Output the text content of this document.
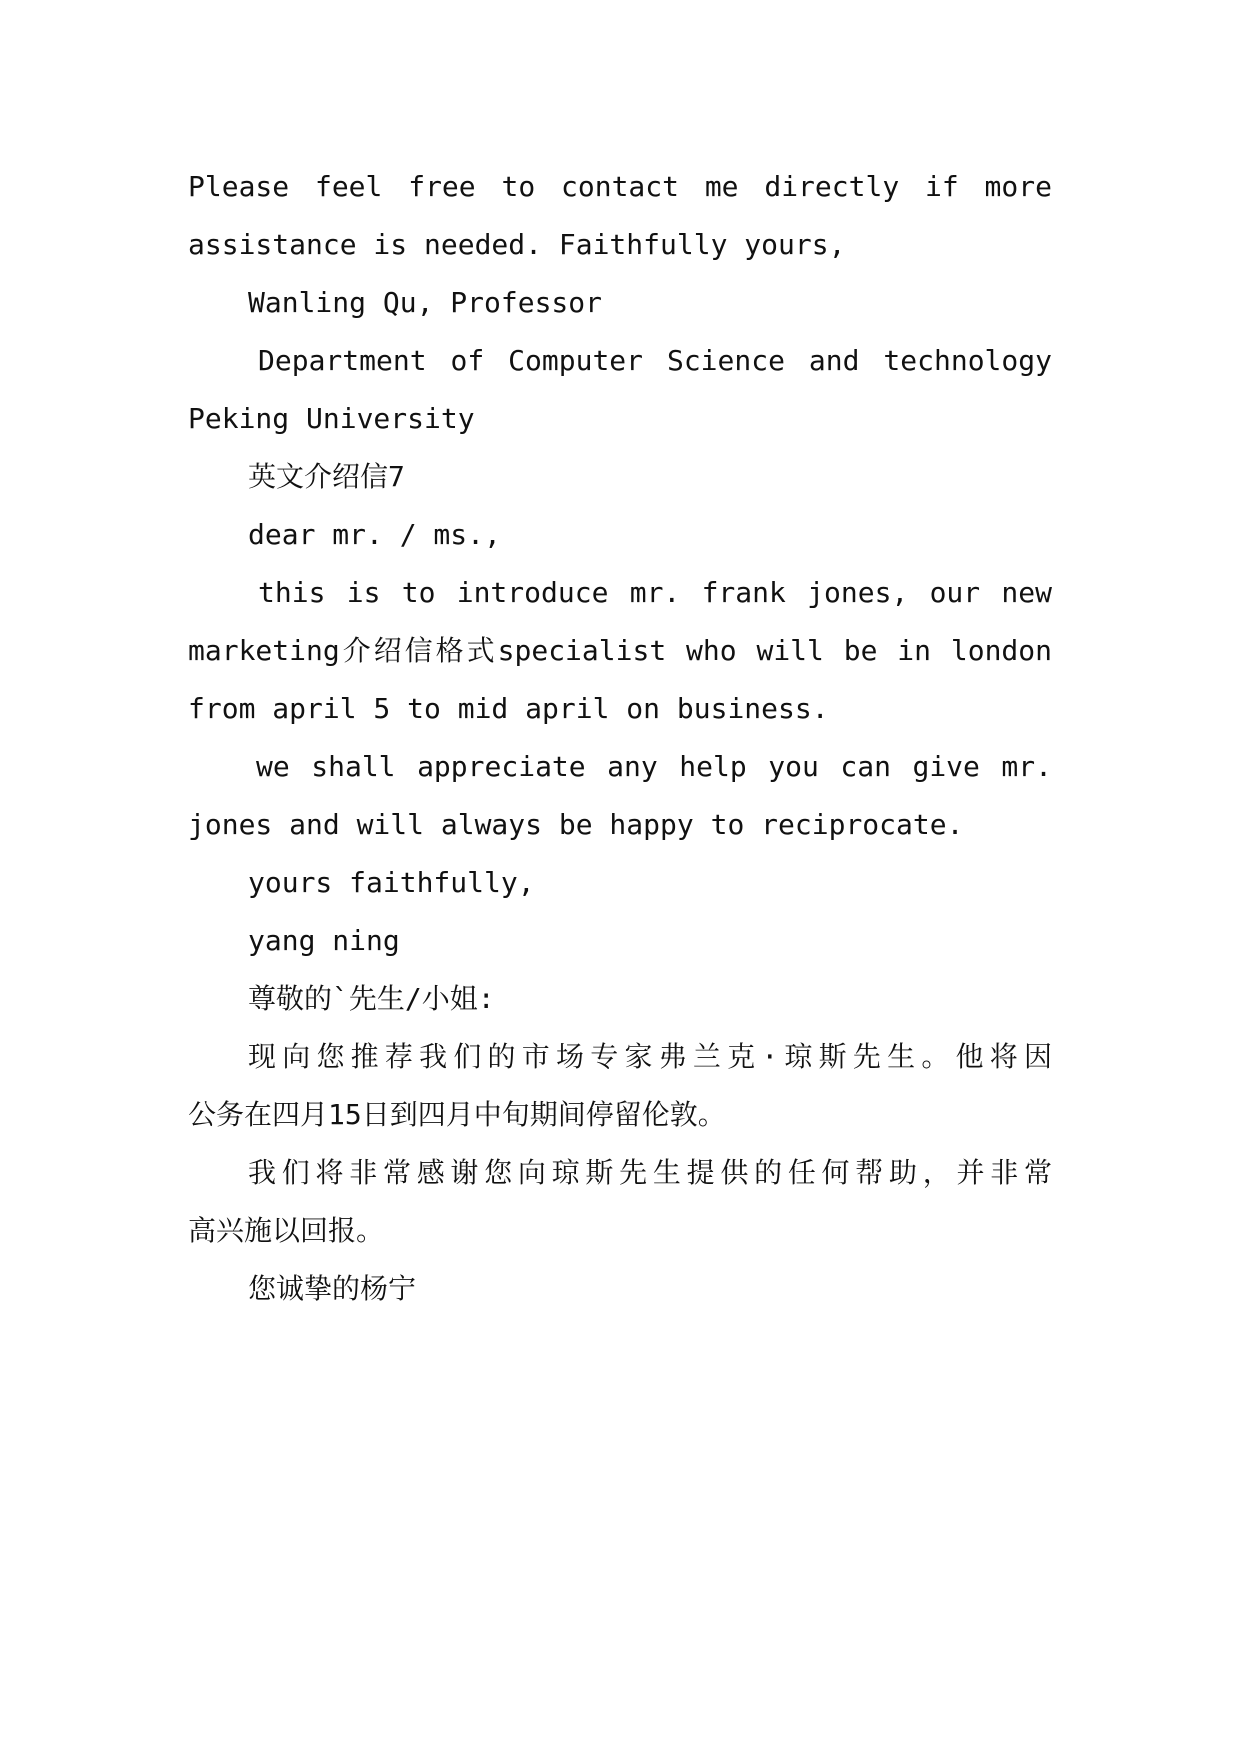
Please feel free to contact me directly if more
assistance is needed. Faithfully yours,
Wanling Qu, Professor
Department of Computer Science and technology
Peking University
英文介绍信7
dear mr. / ms.,
this is to introduce mr. frank jones, our new
marketing介绍信格式specialist who will be in london
from april 5 to mid april on business.
we shall appreciate any help you can give mr.
jones and will always be happy to reciprocate.
yours faithfully,
yang ning
尊敬的`先生/小姐:
现向您推荐我们的市场专家弗兰克·琼斯先生。他将因
公务在四月15日到四月中旬期间停留伦敦。
我们将非常感谢您向琼斯先生提供的任何帮助，并非常
高兴施以回报。
您诚挚的杨宁
